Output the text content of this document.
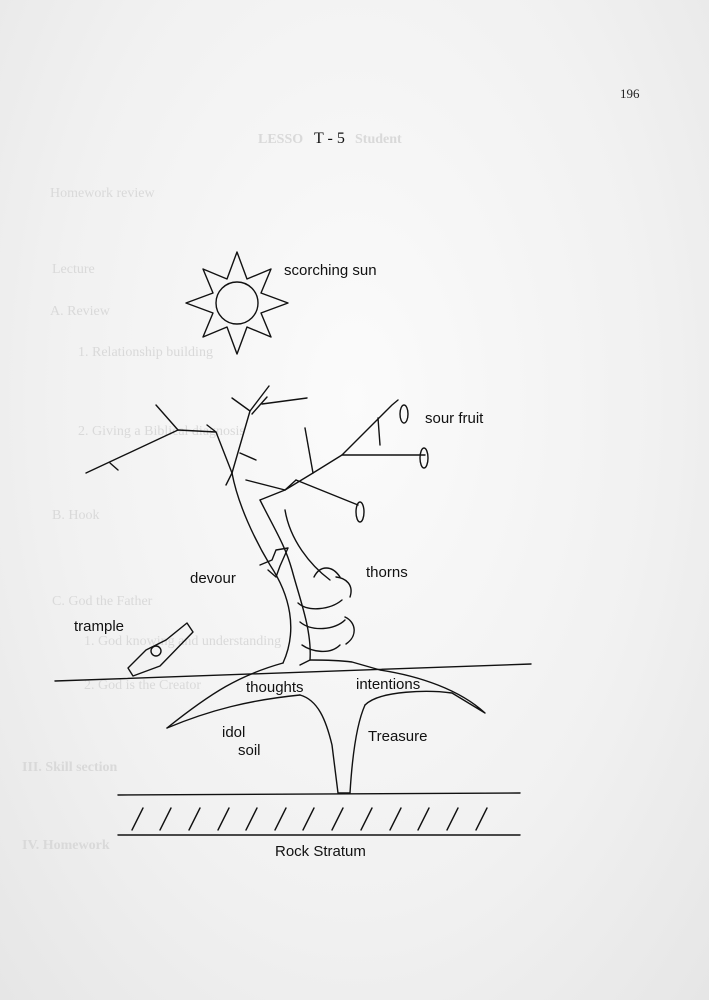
LESSO	Student
Homework review
Lecture
A. Review
1. Relationship building
2. Giving a Biblical diagnosis
B. Hook
C. God the Father
1. God knowing and understanding
2. God is the Creator
III. Skill section
IV. Homework
196
T - 5
scorching sun
sour fruit
devour	thorns
trample
thoughts	intentions
idol
soil
Treasure
Rock Stratum
